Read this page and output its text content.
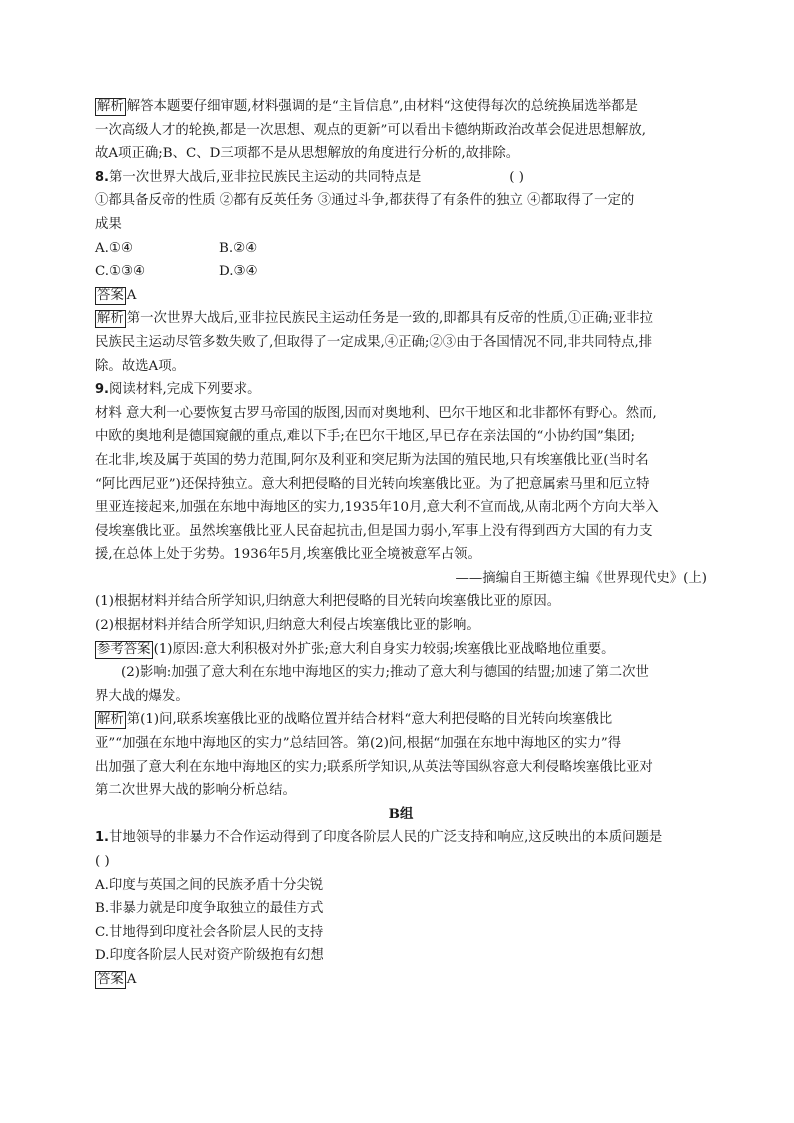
解析 解答本题要仔细审题,材料强调的是“主旨信息”,由材料“这使得每次的总统换届选举都是
一次高级人才的轮换,都是一次思想、观点的更新”可以看出卡德纳斯政治改革会促进思想解放,
故A项正确;B、C、D三项都不是从思想解放的角度进行分析的,故排除。
8.第一次世界大战后,亚非拉民族民主运动的共同特点是	( )
①都具备反帝的性质 ②都有反英任务 ③通过斗争,都获得了有条件的独立 ④都取得了一定的
成果
A.①④	B.②④
C.①③④	D.③④
答案 A
解析 第一次世界大战后,亚非拉民族民主运动任务是一致的,即都具有反帝的性质,①正确;亚非拉
民族民主运动尽管多数失败了,但取得了一定成果,④正确;②③由于各国情况不同,非共同特点,排
除。故选A项。
9.阅读材料,完成下列要求。
材料 意大利一心要恢复古罗马帝国的版图,因而对奥地利、巴尔干地区和北非都怀有野心。然而,
中欧的奥地利是德国窥觎的重点,难以下手;在巴尔干地区,早已存在亲法国的“小协约国”集团;
在北非,埃及属于英国的势力范围,阿尔及利亚和突尼斯为法国的殖民地,只有埃塞俄比亚(当时名
“阿比西尼亚”)还保持独立。意大利把侵略的目光转向埃塞俄比亚。为了把意属索马里和厄立特
里亚连接起来,加强在东地中海地区的实力,1935年10月,意大利不宣而战,从南北两个方向大举入
侵埃塞俄比亚。虽然埃塞俄比亚人民奋起抗击,但是国力弱小,军事上没有得到西方大国的有力支
援,在总体上处于劣势。1936年5月,埃塞俄比亚全境被意军占领。
——摘编自王斯德主编《世界现代史》(上)
(1)根据材料并结合所学知识,归纳意大利把侵略的目光转向埃塞俄比亚的原因。
(2)根据材料并结合所学知识,归纳意大利侵占埃塞俄比亚的影响。
参考答案 (1)原因:意大利积极对外扩张;意大利自身实力较弱;埃塞俄比亚战略地位重要。
(2)影响:加强了意大利在东地中海地区的实力;推动了意大利与德国的结盟;加速了第二次世
界大战的爆发。
解析 第(1)问,联系埃塞俄比亚的战略位置并结合材料“意大利把侵略的目光转向埃塞俄比
亚”“加强在东地中海地区的实力”总结回答。第(2)问,根据“加强在东地中海地区的实力”得
出加强了意大利在东地中海地区的实力;联系所学知识,从英法等国纵容意大利侵略埃塞俄比亚对
第二次世界大战的影响分析总结。
B组
1.甘地领导的非暴力不合作运动得到了印度各阶层人民的广泛支持和响应,这反映出的本质问题是
( )
A.印度与英国之间的民族矛盾十分尖锐
B.非暴力就是印度争取独立的最佳方式
C.甘地得到印度社会各阶层人民的支持
D.印度各阶层人民对资产阶级抱有幻想
答案 A
